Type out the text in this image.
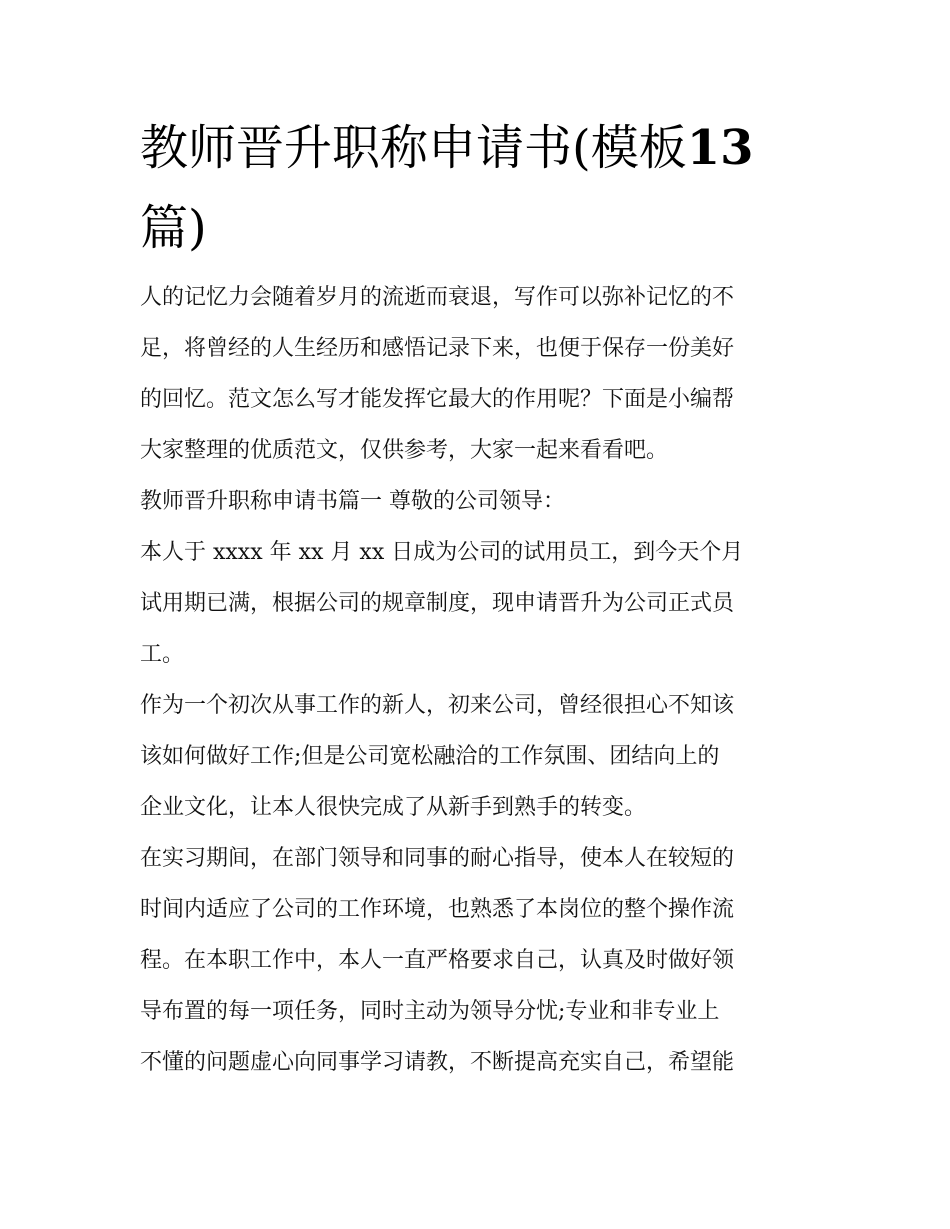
教师晋升职称申请书(模板13
篇)

人的记忆力会随着岁月的流逝而衰退，写作可以弥补记忆的不
足，将曾经的人生经历和感悟记录下来，也便于保存一份美好
的回忆。范文怎么写才能发挥它最大的作用呢？下面是小编帮
大家整理的优质范文，仅供参考，大家一起来看看吧。

教师晋升职称申请书篇一 尊敬的公司领导：

本人于 xxxx 年 xx 月 xx 日成为公司的试用员工，到今天个月
试用期已满，根据公司的规章制度，现申请晋升为公司正式员
工。

作为一个初次从事工作的新人，初来公司，曾经很担心不知该
该如何做好工作;但是公司宽松融洽的工作氛围、团结向上的
企业文化，让本人很快完成了从新手到熟手的转变。

在实习期间，在部门领导和同事的耐心指导，使本人在较短的
时间内适应了公司的工作环境，也熟悉了本岗位的整个操作流
程。在本职工作中，本人一直严格要求自己，认真及时做好领
导布置的每一项任务，同时主动为领导分忧;专业和非专业上
不懂的问题虚心向同事学习请教，不断提高充实自己，希望能
